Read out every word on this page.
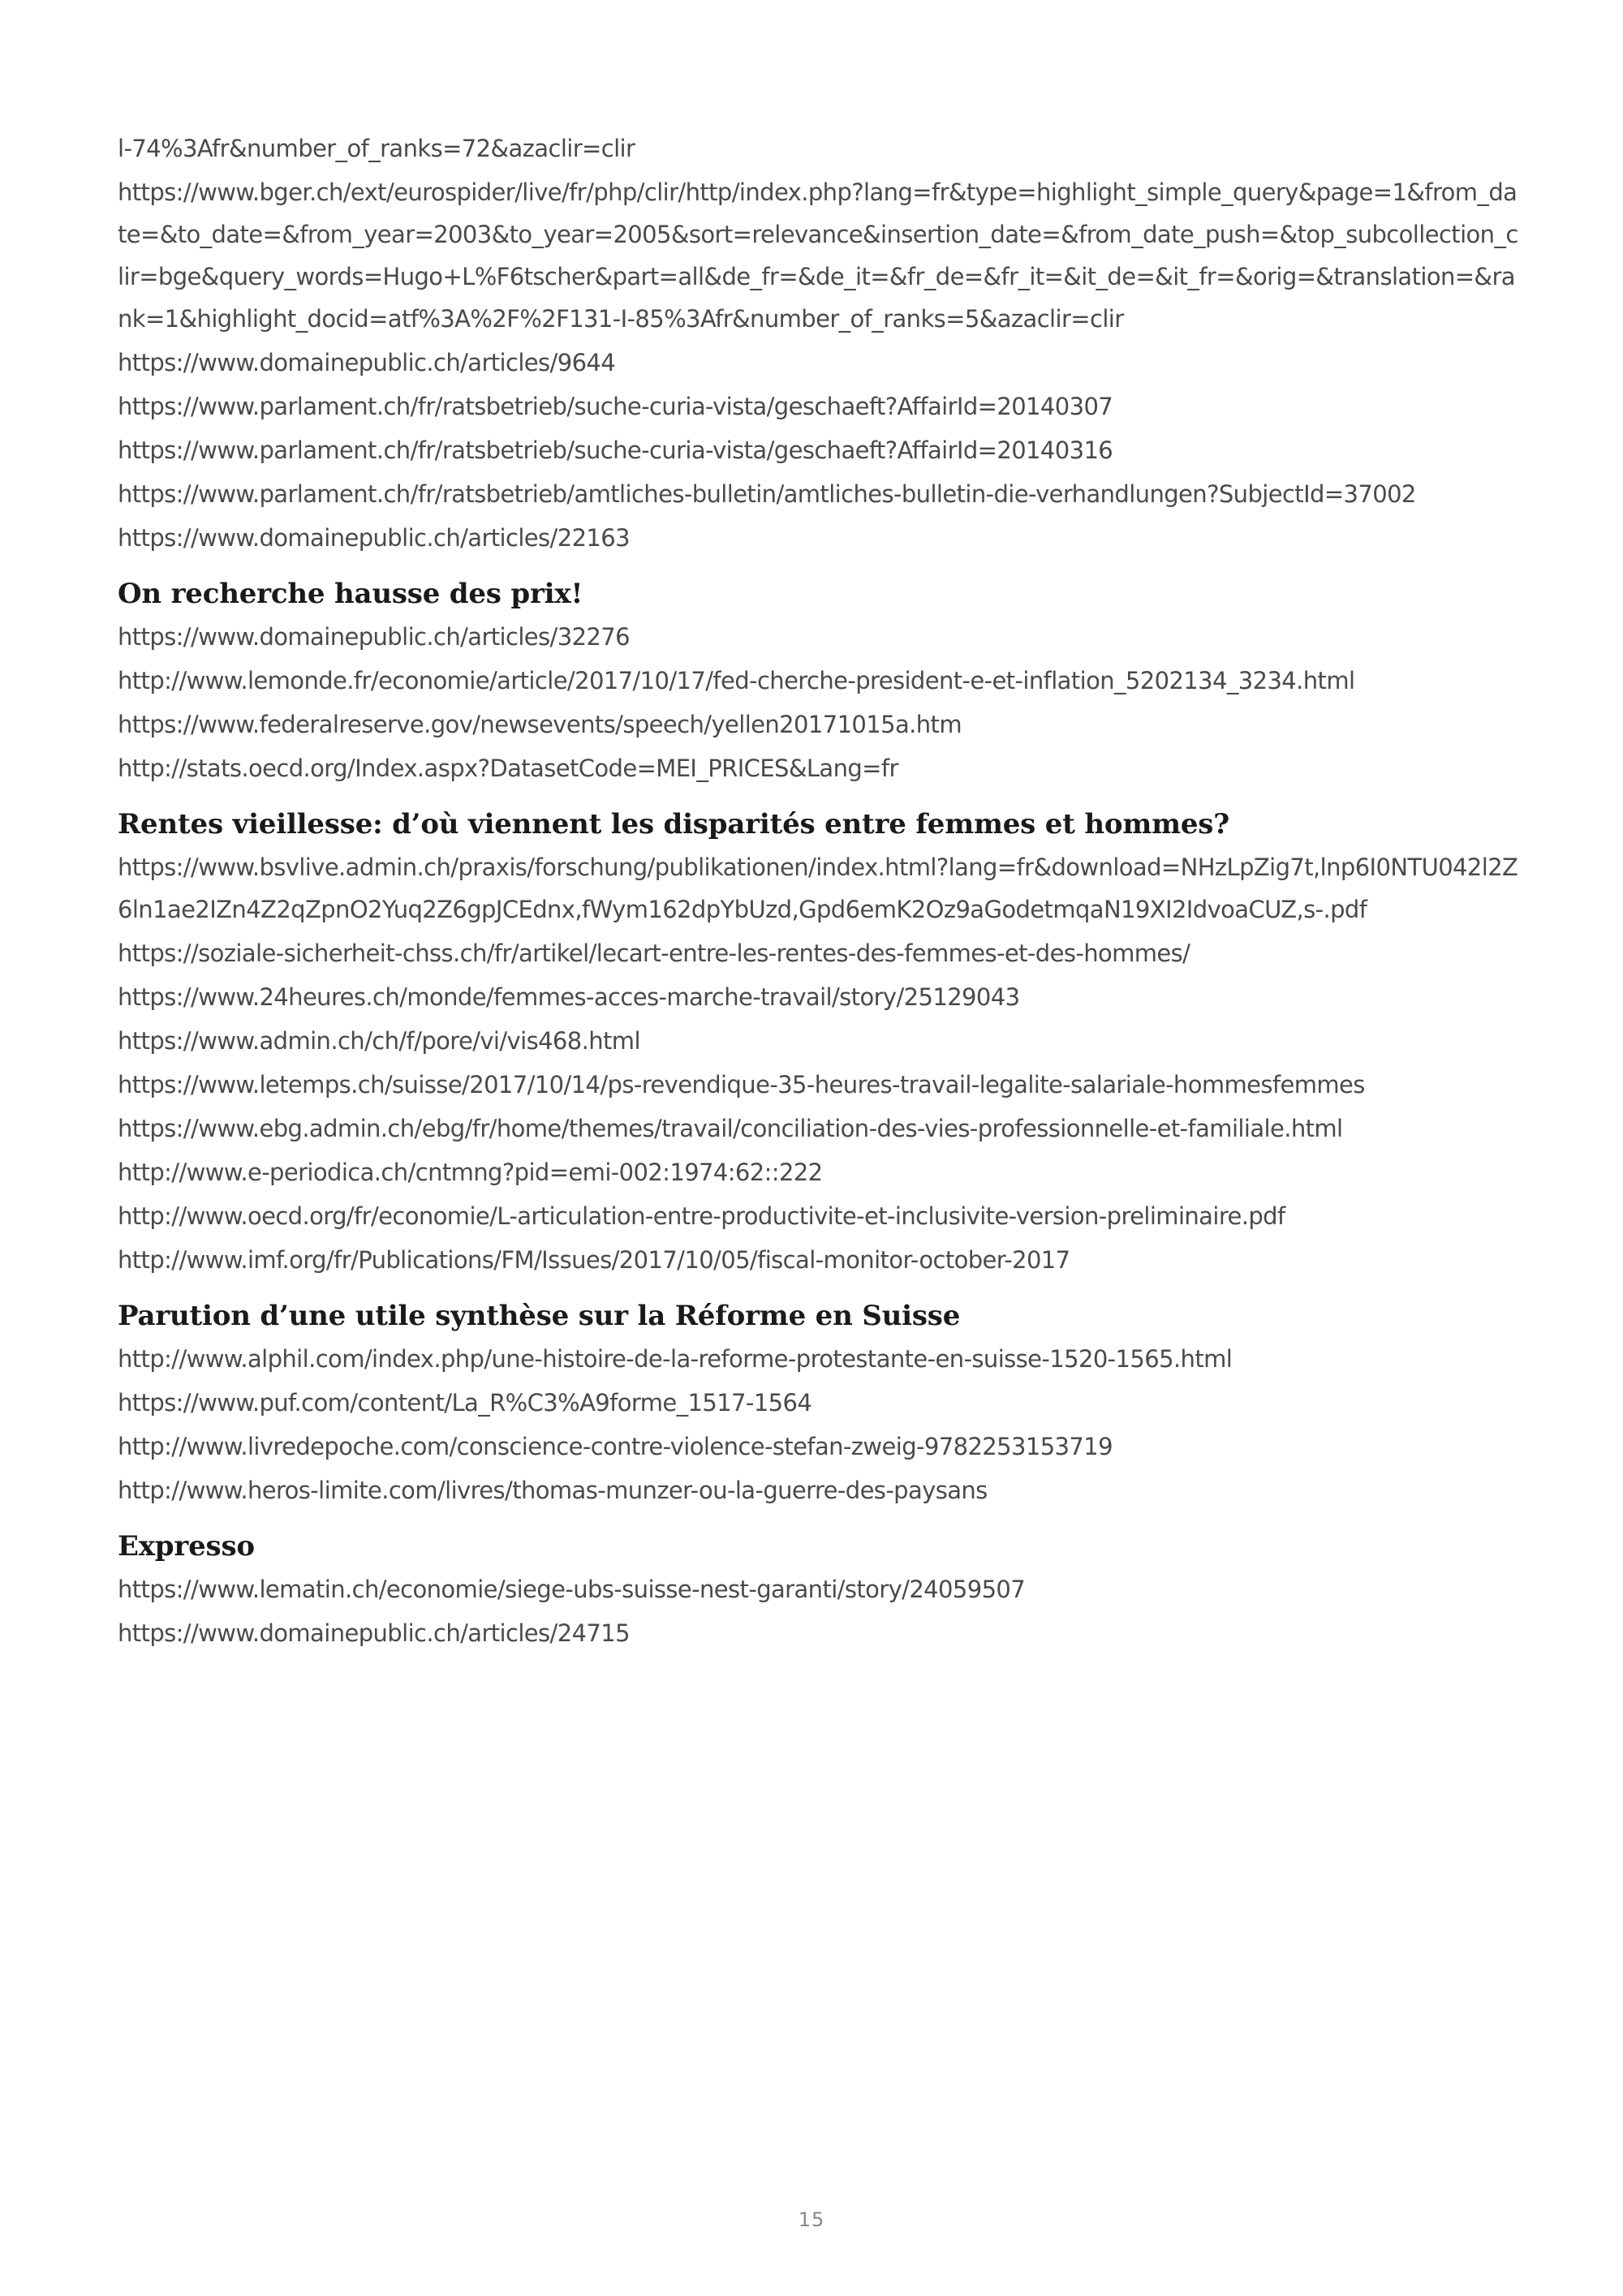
l-74%3Afr&number_of_ranks=72&azaclir=clir

https://www.bger.ch/ext/eurospider/live/fr/php/clir/http/index.php?lang=fr&type=highlight_simple_query&page=1&from_date=&to_date=&from_year=2003&to_year=2005&sort=relevance&insertion_date=&from_date_push=&top_subcollection_clir=bge&query_words=Hugo+L%F6tscher&part=all&de_fr=&de_it=&fr_de=&fr_it=&it_de=&it_fr=&orig=&translation=&rank=1&highlight_docid=atf%3A%2F%2F131-I-85%3Afr&number_of_ranks=5&azaclir=clir

https://www.domainepublic.ch/articles/9644

https://www.parlament.ch/fr/ratsbetrieb/suche-curia-vista/geschaeft?AffairId=20140307

https://www.parlament.ch/fr/ratsbetrieb/suche-curia-vista/geschaeft?AffairId=20140316

https://www.parlament.ch/fr/ratsbetrieb/amtliches-bulletin/amtliches-bulletin-die-verhandlungen?SubjectId=37002

https://www.domainepublic.ch/articles/22163

On recherche hausse des prix!

https://www.domainepublic.ch/articles/32276

http://www.lemonde.fr/economie/article/2017/10/17/fed-cherche-president-e-et-inflation_5202134_3234.html

https://www.federalreserve.gov/newsevents/speech/yellen20171015a.htm

http://stats.oecd.org/Index.aspx?DatasetCode=MEI_PRICES&Lang=fr

Rentes vieillesse: d’où viennent les disparités entre femmes et hommes?

https://www.bsvlive.admin.ch/praxis/forschung/publikationen/index.html?lang=fr&download=NHzLpZig7t,lnp6I0NTU042l2Z6ln1ae2IZn4Z2qZpnO2Yuq2Z6gpJCEdnx,fWym162dpYbUzd,Gpd6emK2Oz9aGodetmqaN19XI2IdvoaCUZ,s-.pdf

https://soziale-sicherheit-chss.ch/fr/artikel/lecart-entre-les-rentes-des-femmes-et-des-hommes/

https://www.24heures.ch/monde/femmes-acces-marche-travail/story/25129043

https://www.admin.ch/ch/f/pore/vi/vis468.html

https://www.letemps.ch/suisse/2017/10/14/ps-revendique-35-heures-travail-legalite-salariale-hommesfemmes

https://www.ebg.admin.ch/ebg/fr/home/themes/travail/conciliation-des-vies-professionnelle-et-familiale.html

http://www.e-periodica.ch/cntmng?pid=emi-002:1974:62::222

http://www.oecd.org/fr/economie/L-articulation-entre-productivite-et-inclusivite-version-preliminaire.pdf

http://www.imf.org/fr/Publications/FM/Issues/2017/10/05/fiscal-monitor-october-2017

Parution d’une utile synthèse sur la Réforme en Suisse

http://www.alphil.com/index.php/une-histoire-de-la-reforme-protestante-en-suisse-1520-1565.html

https://www.puf.com/content/La_R%C3%A9forme_1517-1564

http://www.livredepoche.com/conscience-contre-violence-stefan-zweig-9782253153719

http://www.heros-limite.com/livres/thomas-munzer-ou-la-guerre-des-paysans

Expresso

https://www.lematin.ch/economie/siege-ubs-suisse-nest-garanti/story/24059507

https://www.domainepublic.ch/articles/24715

15
